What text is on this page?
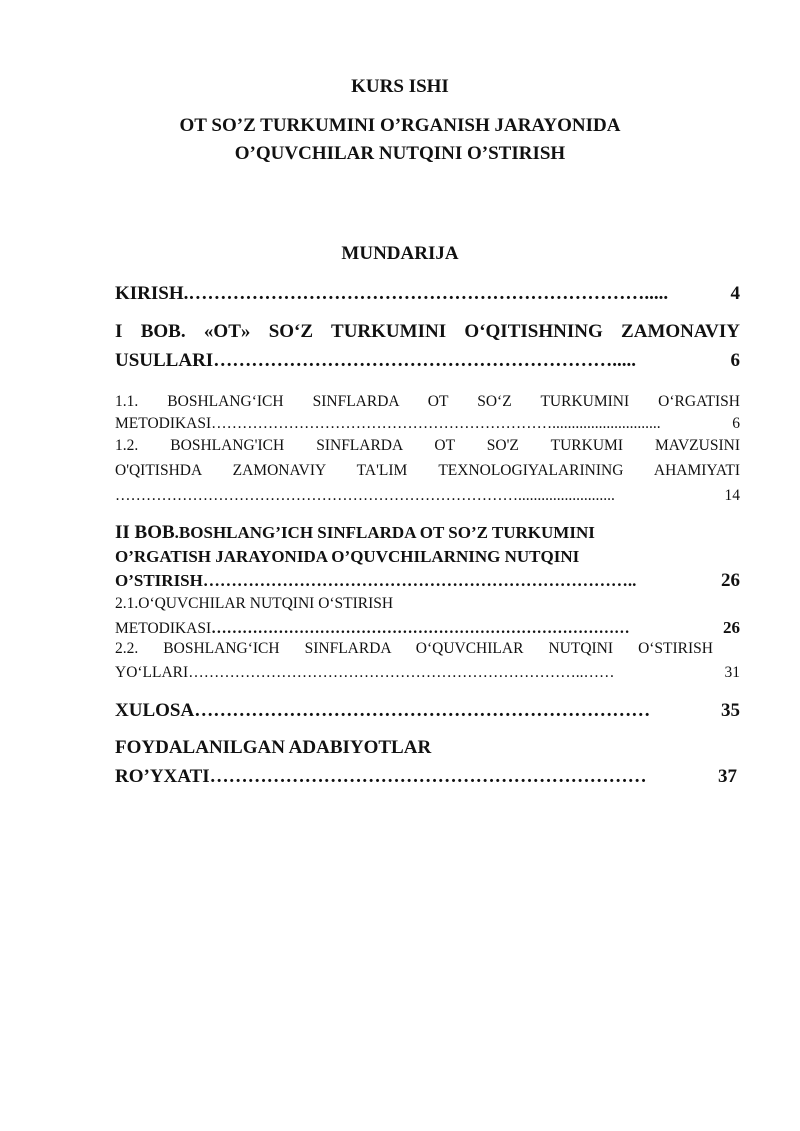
KURS ISHI
OT SO’Z TURKUMINI O’RGANISH JARAYONIDA
O’QUVCHILAR NUTQINI O’STIRISH
MUNDARIJA
KIRISH. ……………………………………………………………….....	4
I BOB. «OT» SO‘Z TURKUMINI O‘QITISHNING ZAMONAVIY
USULLARI ……………………………………………………….....	6
1.1. BOSHLANG‘ICH SINFLARDA OT SO‘Z TURKUMINI O‘RGATISH
METODIKASI …………………………………………………………............................	6
1.2. BOSHLANG'ICH SINFLARDA OT SO'Z TURKUMI MAVZUSINI
O'QITISHDA ZAMONAVIY TA'LIM TEXNOLOGIYALARINING AHAMIYATI
…………………………………………………………………….........................	14
II BOB.BOSHLANG’ICH SINFLARDA OT SO’Z TURKUMINI
O’RGATISH JARAYONIDA O’QUVCHILARNING NUTQINI
O’STIRISH …………………………………………………………………..	26
2.1.O‘QUVCHILAR NUTQINI O‘STIRISH
METODIKASI ………………………………………………………………………	26
2.2. BOSHLANG‘ICH SINFLARDA O‘QUVCHILAR NUTQINI O‘STIRISH
YO‘LLARI …………………………………………………………………..……	31
XULOSA ………………………………………………………………	35
FOYDALANILGAN ADABIYOTLAR
RO’YXATI ……………………………………………………………	37
